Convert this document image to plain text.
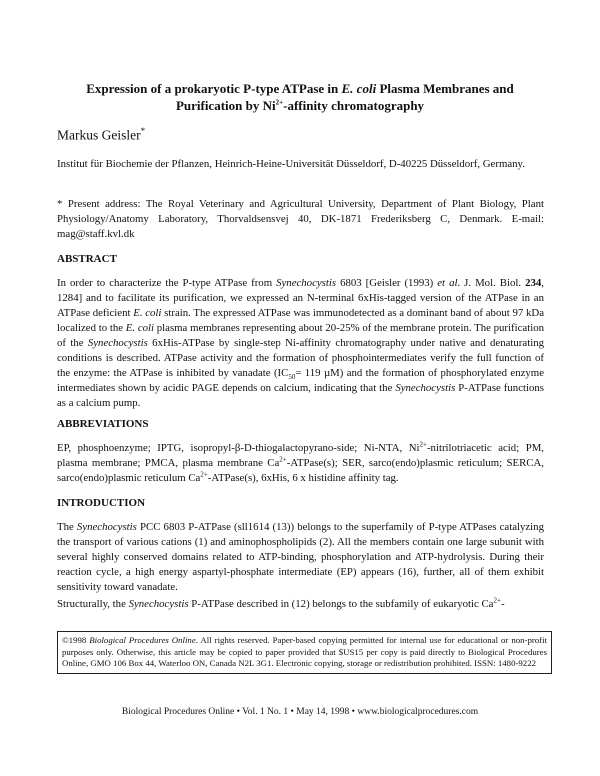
Expression of a prokaryotic P-type ATPase in E. coli Plasma Membranes and
Purification by $Ni^{2+}$-affinity chromatography
Markus Geisler*

Institut für Biochemie der Pflanzen, Heinrich-Heine-Universität Düsseldorf, D-40225 Düsseldorf, Germany.

* Present address: The Royal Veterinary and Agricultural University, Department of Plant Biology, Plant Physiology/Anatomy Laboratory, Thorvaldsensvej 40, DK-1871 Frederiksberg C, Denmark. E-mail: mag@staff.kvl.dk

ABSTRACT

In order to characterize the P-type ATPase from Synechocystis 6803 [Geisler (1993) et al. J. Mol. Biol. 234, 1284] and to facilitate its purification, we expressed an N-terminal 6xHis-tagged version of the ATPase in an ATPase deficient E. coli strain. The expressed ATPase was immunodetected as a dominant band of about 97 kDa localized to the E. coli plasma membranes representing about 20-25% of the membrane protein. The purification of the Synechocystis 6xHis-ATPase by single-step Ni-affinity chromatography under native and denaturating conditions is described. ATPase activity and the formation of phosphointermediates verify the full function of the enzyme: the ATPase is inhibited by vanadate ($IC_{50}= 119$ µM) and the formation of phosphorylated enzyme intermediates shown by acidic PAGE depends on calcium, indicating that the Synechocystis P-ATPase functions as a calcium pump.

ABBREVIATIONS

EP, phosphoenzyme; IPTG, isopropyl-β-D-thiogalactopyrano-side; Ni-NTA, $Ni^{2+}$-nitrilotriacetic acid; PM, plasma membrane; PMCA, plasma membrane $Ca^{2+}-ATPase(s)$; SER, sarco(endo)plasmic reticulum; SERCA, sarco(endo)plasmic reticulum $Ca^{2+}-ATPase(s)$, 6xHis, 6 x histidine affinity tag.

INTRODUCTION

The Synechocystis PCC 6803 P-ATPase (sll1614 (13)) belongs to the superfamily of P-type ATPases catalyzing the transport of various cations (1) and aminophospholipids (2). All the members contain one large subunit with several highly conserved domains related to ATP-binding, phosphorylation and ATP-hydrolysis. During their reaction cycle, a high energy aspartyl-phosphate intermediate (EP) appears (16), further, all of them exhibit sensitivity toward vanadate.

Structurally, the Synechocystis P-ATPase described in (12) belongs to the subfamily of eukaryotic $Ca^{2+}-$

©1998 Biological Procedures Online. All rights reserved. Paper-based copying permitted for internal use for educational or non-profit purposes only. Otherwise, this article may be copied to paper provided that $US15 per copy is paid directly to Biological Procedures Online, GMO 106 Box 44, Waterloo ON, Canada N2L 3G1. Electronic copying, storage or redistribution prohibited. ISSN: 1480-9222
Biological Procedures Online • Vol. 1 No. 1 • May 14, 1998 • www.biologicalprocedures.com
